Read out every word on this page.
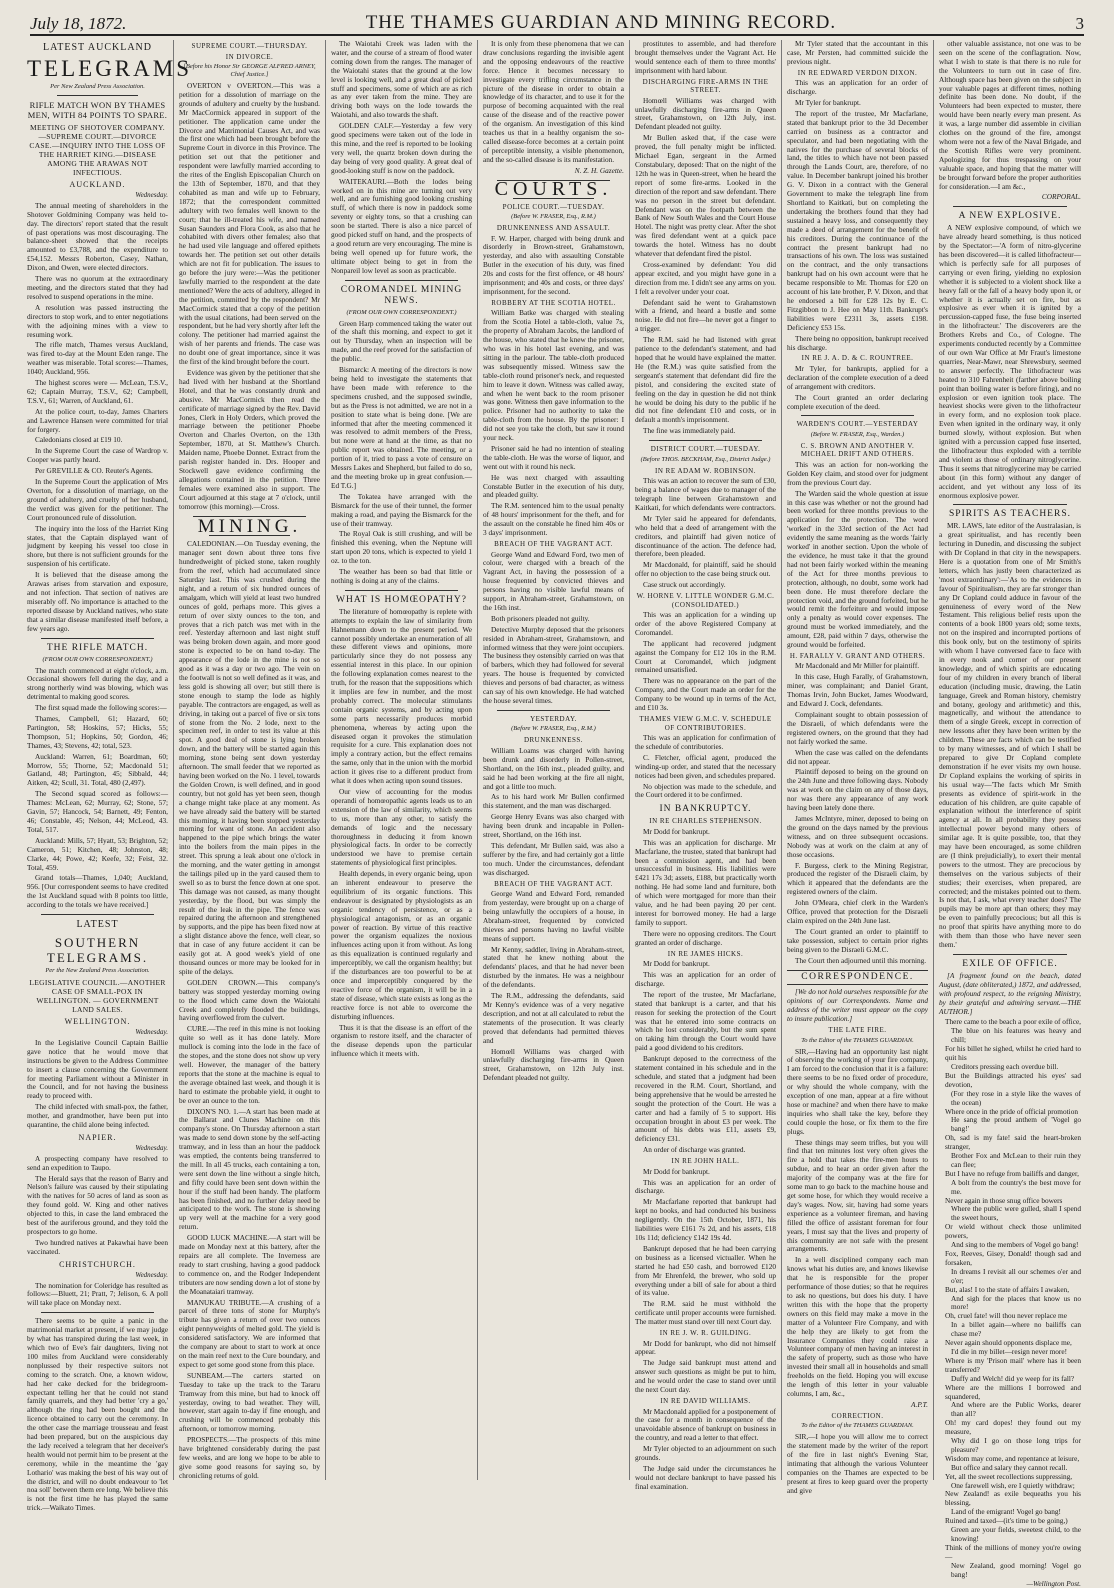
July 18, 1872.	THE THAMES GUARDIAN AND MINING RECORD.	3
LATEST AUCKLAND
TELEGRAMS
Per New Zealand Press Association.
RIFLE MATCH WON BY THAMES MEN, WITH 84 POINTS TO SPARE.
MEETING OF SHOTOVER COMPANY. —SUPREME COURT.—DIVORCE CASE.—INQUIRY INTO THE LOSS OF THE HARRIET KING.—DISEASE AMONG THE ARAWAS NOT INFECTIOUS.
AUCKLAND.

Wednesday.

The annual meeting of shareholders in the Shotover Goldmining Company was held to-day. The directors' report stated that the result of past operations was most discouraging. The balance-sheet showed that the receipts amounted to £3,788, and the expenditure to £54,152. Messrs Roberton, Casey, Nathan, Dixon, and Owen, were elected directors.

There was no quorum at the extraordinary meeting, and the directors stated that they had resolved to suspend operations in the mine.

A resolution was passed instructing the directors to stop work, and to enter negotiations with the adjoining mines with a view to resuming work.

The rifle match, Thames versus Auckland, was fired to-day at the Mount Eden range. The weather was miserable. Total scores:—Thames, 1040; Auckland, 956.

The highest scores were — McLean, T.S.V., 62; Captain Murray, T.S.V., 62; Campbell, T.S.V., 61; Warren, of Auckland, 61.

At the police court, to-day, James Charters and Lawrence Hansen were committed for trial for forgery.

Caledonians closed at £19 10.

In the Supreme Court the case of Wardrop v. Cooper was partly heard.

Per GREVILLE & CO. Reuter's Agents.

In the Supreme Court the application of Mrs Overton, for a dissolution of marriage, on the ground of adultery, and cruelty of her husband, the verdict was given for the petitioner. The Court pronounced rule of dissolution.

The inquiry into the loss of the Harriet King states, that the Captain displayed want of judgment by keeping his vessel too close in shore, but there is not sufficient grounds for the suspension of his certificate.

It is believed that the disease among the Arawas arises from starvation and exposure, and not infection. That section of natives are miserably off. No importance is attached to the reported disease by Auckland natives, who state that a similar disease manifested itself before, a few years ago.

THE RIFLE MATCH.
(FROM OUR OWN CORRESPONDENT.)

The match commenced at eight o'clock, a.m. Occasional showers fell during the day, and a strong northerly wind was blowing, which was detrimental to making good scores.

The first squad made the following scores:—

Thames, Campbell, 61; Hazard, 60; Partington, 58; Hoskins, 57; Hicks, 55; Thompson, 51; Hopkins, 50; Gordon, 46; Thames, 43; Stevens, 42; total, 523.

Auckland: Warren, 61; Boardman, 60; Morrow, 55; Thorne, 52; Macdonald 51; Gatland, 48; Partington, 45; Sibbald, 44; Aitken, 42; Scull, 31. Total, 480 (2,497).

The Second squad scored as follows:— Thames: McLean, 62; Murray, 62; Stone, 57; Gavin, 57; Hancock, 54; Barnett, 49; Fenton, 46; Constable, 45; Nelson, 44; McLeod, 43. Total, 517.

Auckland: Mills, 57; Hyatt, 53; Brighton, 52; Cameron, 51; Kitchen, 48; Johnston, 48; Clarke, 44; Powe, 42; Keefe, 32; Feist, 32. Total, 459.

Grand totals—Thames, 1,040; Auckland, 956. [Our correspondent seems to have credited the 1st Auckland squad with 8 points too little, according to the totals we have received.]

LATEST
SOUTHERN TELEGRAMS.
Per the New Zealand Press Association.
LEGISLATIVE COUNCIL.—ANOTHER CASE OF SMALL-POX IN WELLINGTON. — GOVERNMENT LAND SALES.
WELLINGTON.

Wednesday.

In the Legislative Council Captain Baillie gave notice that he would move that instructions be given to the Address Committee to insert a clause concerning the Government for meeting Parliament without a Minister in the Council, and for not having the business ready to proceed with.

The child infected with small-pox, the father, mother, and grandmother, have been put into quarantine, the child alone being infected.

NAPIER.

Wednesday.

A prospecting company have resolved to send an expedition to Taupo.

The Herald says that the reason of Barry and Nelson's failure was caused by their stipulating with the natives for 50 acres of land as soon as they found gold. W. King and other natives objected to this, in case the land embraced the best of the auriferous ground, and they told the prospectors to go home.

Two hundred natives at Pakawhai have been vaccinated.

CHRISTCHURCH.

Wednesday.

The nomination for Coleridge has resulted as follows:—Bluett, 21; Pratt, 7; Jelison, 6. A poll will take place on Monday next.

There seems to be quite a panic in the matrimonial market at present, if we may judge by what has transpired during the last week, in which two of Eve's fair daughters, living not 100 miles from Auckland were considerably nonplussed by their respective suitors not coming to the scratch. One, a known widow, had her cake decked for the bridegroom-expectant telling her that he could not stand family quarrels, and they had better 'cry a go,' although the ring had been bought and the licence obtained to carry out the ceremony. In the other case the marriage trousseau and feast had been prepared, but on the auspicious day the lady received a telegram that her deceiver's health would not permit him to be present at the ceremony, while in the meantime the 'gay Lothario' was making the best of his way out of the district, and will no doubt endeavour to 'let noa soll' between them ere long. We believe this is not the first time he has played the same trick.—Waikato Times.

SUPREME COURT.—THURSDAY.
IN DIVORCE.
[Before his Honor Sir GEORGE ALFRED ARNEY, Chief Justice.]

OVERTON v OVERTON.—This was a petition for a dissolution of marriage on the grounds of adultery and cruelty by the husband. Mr MacCormick appeared in support of the petitioner. The application came under the Divorce and Matrimonial Causes Act, and was the first one which had been brought before the Supreme Court in divorce in this Province. The petition set out that the petitioner and respondent were lawfully married according to the rites of the English Episcopalian Church on the 13th of September, 1870, and that they cohabited as man and wife up to February, 1872; that the correspondent committed adultery with two females well known to the court; that he ill-treated his wife, and named Susan Saunders and Flora Cook, as also that he cohabited with divers other females; also that he had used vile language and offered epithets towards her. The petition set out other details which are not fit for publication. The issues to go before the jury were:—Was the petitioner lawfully married to the respondent at the date mentioned? Were the acts of adultery, alleged in the petition, committed by the respondent? Mr MacCormick stated that a copy of the petition with the usual citations, had been served on the respondent, but he had very shortly after left the colony. The petitioner had married against the wish of her parents and friends. The case was no doubt one of great importance, since it was the first of the kind brought before the court.

Evidence was given by the petitioner that she had lived with her husband at the Shortland Hotel, and that he was constantly drunk and abusive. Mr MacCormick then read the certificate of marriage signed by the Rev. David Jones, Clerk in Holy Orders, which proved the marriage between the petitioner Phoebe Overton and Charles Overton, on the 13th September, 1870, at St. Matthew's Church. Maiden name, Phoebe Donnet. Extract from the parish register handed in. Drs. Hooper and Stockwell gave evidence confirming the allegations contained in the petition. Three females were examined also in support. The Court adjourned at this stage at 7 o'clock, until tomorrow (this morning).—Cross.

MINING.

CALEDONIAN.—On Tuesday evening, the manager sent down about three tons five hundredweight of picked stone, taken roughly from the reef, which had accumulated since Saturday last. This was crushed during the night, and a return of six hundred ounces of amalgam, which will yield at least two hundred ounces of gold, perhaps more. This gives a return of over sixty ounces to the ton, and proves that a rich patch was met with in the reef. Yesterday afternoon and last night stuff was being broken down again, and more good stone is expected to be on hand to-day. The appearance of the lode in the mine is not so good as it was a day or two ago. The vein on the footwall is not so well defined as it was, and less gold is showing all over; but still there is stone enough to stamp the lode as highly payable. The contractors are engaged, as well as driving, in taking out a parcel of five or six tons of stone from the No. 2 lode, next to the specimen reef, in order to test its value at this spot. A good deal of stone is lying broken down, and the battery will be started again this morning, stone being sent down yesterday afternoon. The small feeder that we reported as having been worked on the No. 1 level, towards the Golden Crown, is well defined, and in good country, but not gold has yet been seen, though a change might take place at any moment. As we have already said the battery will be started this morning, it having been stopped yesterday morning for want of stone. An accident also happened to the pipe which brings the water into the boilers from the main pipes in the street. This sprung a leak about one o'clock in the morning, and the water getting in amongst the tailings piled up in the yard caused them to swell so as to burst the fence down at one spot. This damage was not caused, as many thought yesterday, by the flood, but was simply the result of the leak in the pipe. The fence was repaired during the afternoon and strengthened by supports, and the pipe has been fixed now at a slight distance above the fence, well clear, so that in case of any future accident it can be easily got at. A good week's yield of one thousand ounces or more may be looked for in spite of the delays.

GOLDEN CROWN.—This company's battery was stopped yesterday morning owing to the flood which came down the Waiotahi Creek and completely flooded the buildings, having overflowed from the culvert.

CURE.—The reef in this mine is not looking quite so well as it has done lately. More mullock is coming into the lode in the face of the stopes, and the stone does not show up very well. However, the manager of the battery reports that the stone at the machine is equal to the average obtained last week, and though it is hard to estimate the probable yield, it ought to be over an ounce to the ton.

DIXON'S NO. 1.—A start has been made at the Ballarat and Clunes Machine on this company's stone. On Thursday afternoon a start was made to send down stone by the self-acting tramway, and in less than an hour the paddock was emptied, the contents being transferred to the mill. In all 45 trucks, each containing a ton, were sent down the line without a single hitch, and fifty could have been sent down within the hour if the stuff had been handy. The platform has been finished, and no further delay need be anticipated to the work. The stone is showing up very well at the machine for a very good return.

GOOD LUCK MACHINE.—A start will be made on Monday next at this battery, after the repairs are all complete. The Inverness are ready to start crushing, having a good paddock to commence on, and the Rodger Independent tributers are now sending down a lot of stone by the Moanataiari tramway.

MANUKAU TRIBUTE.—A crushing of a parcel of three tons of stone for Murphy's tribute has given a return of over two ounces eight pennyweights of melted gold. The yield is considered satisfactory. We are informed that the company are about to start to work at once on the main reef next to the Cure boundary, and expect to get some good stone from this place.

SUNBEAM.—The carters started on Tuesday to take up the track to the Tararu Tramway from this mine, but had to knock off yesterday, owing to bad weather. They will, however, start again to-day if fine enough, and crushing will be commenced probably this afternoon, or tomorrow morning.

PROSPECTS.—The prospects of this mine have brightened considerably during the past few weeks, and are long we hope to be able to give some good reasons for saying so, by chronicling returns of gold.

The Waiotahi Creek was laden with the water, and the course of a stream of flood water coming down from the ranges. The manager of the Waiotahi states that the ground at the low level is looking well, and a great deal of picked stuff and specimens, some of which are as rich as any ever taken from the mine. They are driving both ways on the lode towards the Waiotahi, and also towards the shaft.

GOLDEN CALF.—Yesterday a few very good specimens were taken out of the lode in this mine, and the reef is reported to be looking very well, the quartz broken down during the day being of very good quality. A great deal of good-looking stuff is now on the paddock.

WAITEKAURI.—Both the lodes being worked on in this mine are turning out very well, and are furnishing good looking crushing stuff, of which there is now in paddock some seventy or eighty tons, so that a crushing can soon be started. There is also a nice parcel of good picked stuff on hand, and the prospects of a good return are very encouraging. The mine is being well opened up for future work, the ultimate object being to get in from the Nonpareil low level as soon as practicable.

COROMANDEL MINING NEWS.
(FROM OUR OWN CORRESPONDENT.)

Green Harp commenced taking the water out of the shaft this morning, and expect to get it out by Thursday, when an inspection will be made, and the reef proved for the satisfaction of the public.

Bismarck: A meeting of the directors is now being held to investigate the statements that have been made with reference to the specimens crushed, and the supposed swindle, but as the Press is not admitted, we are not in a position to state what is being done. [We are informed that after the meeting commenced it was resolved to admit members of the Press, but none were at hand at the time, as that no public report was obtained. The meeting, or a portion of it, tried to pass a vote of censure on Messrs Lakes and Shepherd, but failed to do so, and the meeting broke up in great confusion.—Ed T.G.]

The Tokatea have arranged with the Bismarck for the use of their tunnel, the former making a road, and paying the Bismarck for the use of their tramway.

The Royal Oak is still crushing, and will be finished this evening, when the Neptune will start upon 20 tons, which is expected to yield 1 oz. to the ton.

The weather has been so bad that little or nothing is doing at any of the claims.

WHAT IS HOMŒOPATHY?

The literature of homœopathy is replete with attempts to explain the law of similarity from Hahnemann down to the present period. We cannot possibly undertake an enumeration of all these different views and opinions, more particularly since they do not possess any essential interest in this place. In our opinion the following explanation comes nearest to the truth, for the reason that the suppositions which it implies are few in number, and the most probably correct. The molecular stimulants contain organic systems, and by acting upon some parts necessarily produces morbid phenomena, whereas by acting upon the diseased organ it provokes the stimulation requisite for a cure. This explanation does not imply a contrary action, but the effect remains the same, only that in the union with the morbid action it gives rise to a different product from what it does when acting upon sound tissues.

Our view of accounting for the modus operandi of homœopathic agents leads us to an extension of the law of similarity, which seems to us, more than any other, to satisfy the demands of logic and the necessary thoroughness in deducing it from known physiological facts. In order to be correctly understood we have to premise certain statements of physiological first principles.

Health depends, in every organic being, upon an inherent endeavour to preserve the equilibrium of its organic functions. This endeavour is designated by physiologists as an organic tendency of persistence, or as a physiological antagonism, or as an organic power of reaction. By virtue of this reactive power the organism equalizes the noxious influences acting upon it from without. As long as this equalization is continued regularly and imperceptibly, we call the organism healthy; but if the disturbances are too powerful to be at once and imperceptibly conquered by the reactive force of the organism, it will be in a state of disease, which state exists as long as the reactive force is not able to overcome the disturbing influences.

Thus it is that the disease is an effort of the organism to restore itself, and the character of the disease depends upon the particular influence which it meets with.

It is only from these phenomena that we can draw conclusions regarding the invisible agent and the opposing endeavours of the reactive force. Hence it becomes necessary to investigate every trifling circumstance in the picture of the disease in order to obtain a knowledge of its character, and to use it for the purpose of becoming acquainted with the real cause of the disease and of the reactive power of the organism. An investigation of this kind teaches us that in a healthy organism the so-called disease-force becomes at a certain point of perceptible intensity, a visible phenomenon, and the so-called disease is its manifestation.

N. Z. H. Gazette.

COURTS.
POLICE COURT.—TUESDAY.
(Before W. FRASER, Esq., R.M.)
DRUNKENNESS AND ASSAULT.

F. W. Harper, charged with being drunk and disorderly in Brown-street, Grahamstown, yesterday, and also with assaulting Constable Butler in the execution of his duty, was fined 20s and costs for the first offence, or 48 hours' imprisonment; and 40s and costs, or three days' imprisonment, for the second.

ROBBERY AT THE SCOTIA HOTEL.

William Batke was charged with stealing from the Scotia Hotel a table-cloth, value 7s, the property of Abraham Jacobs, the landlord of the house, who stated that he knew the prisoner, who was in his hotel last evening, and was sitting in the parlour. The table-cloth produced was subsequently missed. Witness saw the table-cloth round prisoner's neck, and requested him to leave it down. Witness was called away, and when he went back to the room prisoner was gone. Witness then gave information to the police. Prisoner had no authority to take the table-cloth from the house. By the prisoner: I did not see you take the cloth, but saw it round your neck.

Prisoner said he had no intention of stealing the table-cloth. He was the worse of liquor, and went out with it round his neck.

He was next charged with assaulting Constable Butler in the execution of his duty, and pleaded guilty.

The R.M. sentenced him to the usual penalty of 48 hours' imprisonment for the theft, and for the assault on the constable he fined him 40s or 3 days' imprisonment.

BREACH OF THE VAGRANT ACT.

George Wand and Edward Ford, two men of colour, were charged with a breach of the Vagrant Act, in having the possession of a house frequented by convicted thieves and persons having no visible lawful means of support, in Abraham-street, Grahamstown, on the 16th inst.

Both prisoners pleaded not guilty.

Detective Murphy deposed that the prisoners resided in Abraham-street, Grahamstown, and informed witness that they were joint occupiers. The business they ostensibly carried on was that of barbers, which they had followed for several years. The house is frequented by convicted thieves and persons of bad character, as witness can say of his own knowledge. He had watched the house several times.

YESTERDAY.
(Before W. FRASER, Esq., R.M.)
DRUNKENNESS.

William Loams was charged with having been drunk and disorderly in Pollen-street, Shortland, on the 16th inst., pleaded guilty, and said he had been working at the fire all night, and got a little too much.

As to his hard work Mr Bullen confirmed this statement, and the man was discharged.

George Henry Evans was also charged with having been drunk and incapable in Pollen-street, Shortland, on the 16th inst.

This defendant, Mr Bullen said, was also a sufferer by the fire, and had certainly got a little too much. Under the circumstances, defendant was discharged.

BREACH OF THE VAGRANT ACT.

George Wand and Edward Ford, remanded from yesterday, were brought up on a charge of being unlawfully the occupiers of a house, in Abraham-street, frequented by convicted thieves and persons having no lawful visible means of support.

Mr Kenny, saddler, living in Abraham-street, stated that he knew nothing about the defendants' places, and that he had never been disturbed by the inmates. He was a neighbour of the defendants.

The R.M., addressing the defendants, said Mr Kenny's evidence was of a very negative description, and not at all calculated to rebut the statements of the prosecution. It was clearly proved that defendants had permitted thieves and

Homœll Williams was charged with unlawfully discharging fire-arms in Queen street, Grahamstown, on 12th July inst. Defendant pleaded not guilty.

prostitutes to assemble, and had therefore brought themselves under the Vagrant Act. He would sentence each of them to three months' imprisonment with hard labour.

DISCHARGING FIRE-ARMS IN THE STREET.

Homœll Williams was charged with unlawfully discharging fire-arms in Queen street, Grahamstown, on 12th July, inst. Defendant pleaded not guilty.

Mr Bullen asked that, if the case were proved, the full penalty might be inflicted. Michael Egan, sergeant in the Armed Constabulary, deposed: That on the night of the 12th he was in Queen-street, when he heard the report of some fire-arms. Looked in the direction of the report and saw defendant. There was no person in the street but defendant. Defendant was on the footpath between the Bank of New South Wales and the Court House Hotel. The night was pretty clear. After the shot was fired defendant went at a quick pace towards the hotel. Witness has no doubt whatever that defendant fired the pistol.

Cross-examined by defendant: You did appear excited, and you might have gone in a direction from me. I didn't see any arms on you. I felt a revolver under your coat.

Defendant said he went to Grahamstown with a friend, and heard a bustle and some noise. He did not fire—he never got a finger to a trigger.

The R.M. said he had listened with great patience to the defendant's statement, and had hoped that he would have explained the matter. He (the R.M.) was quite satisfied from the sergeant's statement that defendant did fire the pistol, and considering the excited state of feeling on the day in question he did not think he would be doing his duty to the public if he did not fine defendant £10 and costs, or in default a month's imprisonment.

The fine was immediately paid.

DISTRICT COURT.—TUESDAY.
(Before THOS. BECKHAM, Esq., District Judge.)
IN RE ADAM W. ROBINSON.

This was an action to recover the sum of £30, being a balance of wages due to manager of the telegraph line between Grahamstown and Kaitkati, for which defendants were contractors.

Mr Tyler said he appeared for defendants, who held that a deed of arrangement with the creditors, and plaintiff had given notice of discontinuance of the action. The defence had, therefore, been pleaded.

Mr Macdonald, for plaintiff, said he should offer no objection to the case being struck out.

Case struck out accordingly.

W. HORNE V. LITTLE WONDER G.M.C. (CONSOLIDATED.)

This was an application for a winding up order of the above Registered Company at Coromandel.

The applicant had recovered judgment against the Company for £12 10s in the R.M. Court at Coromandel, which judgment remained unsatisfied.

There was no appearance on the part of the Company, and the Court made an order for the Company to be wound up in terms of the Act, and £10 3s.

THAMES VIEW G.M.C. V. SCHEDULE OF CONTRIBUTORIES.

This was an application for confirmation of the schedule of contributories.

C. Fletcher, official agent, produced the winding-up order, and stated that the necessary notices had been given, and schedules prepared.

No objection was made to the schedule, and the Court ordered it to be confirmed.

IN BANKRUPTCY.
IN RE CHARLES STEPHENSON.

Mr Dodd for bankrupt.

This was an application for discharge. Mr Macfarlane, the trustee, stated that bankrupt had been a commission agent, and had been unsuccessful in business. His liabilities were £421 17s 3d; assets, £188, but practically worth nothing. He had some land and furniture, both of which were mortgaged for more than their value, and he had been paying 20 per cent. interest for borrowed money. He had a large family to support.

There were no opposing creditors. The Court granted an order of discharge.

IN RE JAMES HICKS.

Mr Dodd for bankrupt.

This was an application for an order of discharge.

The report of the trustee, Mr Macfarlane, stated that bankrupt is a carter, and that his reason for seeking the protection of the Court was that he entered into some contracts on which he lost considerably, but the sum spent on taking him through the Court would have paid a good dividend to his creditors.

Bankrupt deposed to the correctness of the statement contained in his schedule and in the schedule, and stated that a judgment had been recovered in the R.M. Court, Shortland, and being apprehensive that he would be arrested he sought the protection of the Court. He was a carter and had a family of 5 to support. His occupation brought in about £3 per week. The amount of his debts was £11, assets £9, deficiency £31.

An order of discharge was granted.

IN RE JOHN HALL.

Mr Dodd for bankrupt.

This was an application for an order of discharge.

Mr Macfarlane reported that bankrupt had kept no books, and had conducted his business negligently. On the 15th October, 1871, his liabilities were £161 7s 2d, and his assets, £18 10s 11d; deficiency £142 19s 4d.

Bankrupt deposed that he had been carrying on business as a licensed victualler. When he started he had £50 cash, and borrowed £120 from Mr Ehrenfeld, the brewer, who sold up everything under a bill of sale for about a third of its value.

The R.M. said he must withhold the certificate until proper accounts were furnished. The matter must stand over till next Court day.

IN RE J. W. R. GUILDING.

Mr Dodd for bankrupt, who did not himself appear.

The Judge said bankrupt must attend and answer such questions as might be put to him, and he would order the case to stand over until the next Court day.

IN RE DAVID WILLIAMS.

Mr Macdonald applied for a postponement of the case for a month in consequence of the unavoidable absence of bankrupt on business in the country, and read a letter to that effect.

Mr Tyler objected to an adjournment on such grounds.

The Judge said under the circumstances he would not declare bankrupt to have passed his final examination.

Mr Tyler stated that the accountant in this case, Mr Persten, had committed suicide the previous night.

IN RE EDWARD VERDON DIXON.

This was an application for an order of discharge.

Mr Tyler for bankrupt.

The report of the trustee, Mr Macfarlane, stated that bankrupt prior to the 3d December carried on business as a contractor and speculator, and had been negotiating with the natives for the purchase of several blocks of land, the titles to which have not been passed through the Lands Court, are, therefore, of no value. In December bankrupt joined his brother G. V. Dixon in a contract with the General Government to make the telegraph line from Shortland to Kaitkati, but on completing the undertaking the brothers found that they had sustained a heavy loss, and consequently they made a deed of arrangement for the benefit of his creditors. During the continuance of the contract the present bankrupt had no transactions of his own. The loss was sustained on the contract, and the only transactions bankrupt had on his own account were that he became responsible to Mr. Thomas for £20 on account of his late brother, P. V. Dixon, and that he endorsed a bill for £28 12s by E. C. Fitzgibbon to J. Hee on May 11th. Bankrupt's liabilities were £2311 3s, assets £198. Deficiency £53 15s.

There being no opposition, bankrupt received his discharge.

IN RE J. A. D. & C. ROUNTREE.

Mr Tyler, for bankrupts, applied for a declaration of the complete execution of a deed of arrangement with creditors.

The Court granted an order declaring complete execution of the deed.

WARDEN'S COURT.—YESTERDAY
(Before W. FRASER, Esq., Warden.)
C. S. BROWN AND ANOTHER V. MICHAEL DRIFT AND OTHERS.

This was an action for non-working the Golden Key claim, and stood over for judgment from the previous Court day.

The Warden said the whole question at issue in this case was whether or not the ground had been worked for three months previous to the application for the protection. The word 'worked' in the 33rd section of the Act had evidently the same meaning as the words 'fairly worked' in another section. Upon the whole of the evidence, he must take it that the ground had not been fairly worked within the meaning of the Act for three months previous to protection, although, no doubt, some work had been done. He must therefore declare the protection void, and the ground forfeited, but he would remit the forfeiture and would impose only a penalty as would cover expenses. The ground must be worked immediately, and the amount, £28, paid within 7 days, otherwise the ground would be forfeited.

H. FARALLY V. GRANT AND OTHERS.

Mr Macdonald and Mr Miller for plaintiff.

In this case, Hugh Farally, of Grahamstown, miner, was complainant; and Daniel Grant, Thomas Irvin, John Bucket, James Woodward, and Edward J. Cock, defendants.

Complainant sought to obtain possession of the Disraeli, of which defendants were the registered owners, on the ground that they had not fairly worked the same.

When the case was called on the defendants did not appear.

Plaintiff deposed to being on the ground on the 24th June and three following days. Nobody was at work on the claim on any of those days, nor was there any appearance of any work having been lately done there.

James McIntyre, miner, deposed to being on the ground on the days named by the previous witness, and on three subsequent occasions. Nobody was at work on the claim at any of those occasions.

F. Burgess, clerk to the Mining Registrar, produced the register of the Disraeli claim, by which it appeared that the defendants are the registered owners of the claim.

John O'Meara, chief clerk in the Warden's Office, proved that protection for the Disraeli claim expired on the 24th June last.

The Court granted an order to plaintiff to take possession, subject to certain prior rights being given to the Disraeli G.M.C.

The Court then adjourned until this morning.

CORRESPONDENCE.

[We do not hold ourselves responsible for the opinions of our Correspondents. Name and address of the writer must appear on the copy to insure publication.]

THE LATE FIRE.
To the Editor of the THAMES GUARDIAN.

SIR,—Having had an opportunity last night of observing the working of your fire company, I am forced to the conclusion that it is a failure: there seems to be no fixed order of procedure, or why should the whole company, with the exception of one man, appear at a fire without hose or machine? and when there have to make inquiries who shall take the key, before they could couple the hose, or fix them to the fire plugs.

These things may seem trifles, but you will find that ten minutes lost very often gives the fire a hold that takes the fire-men hours to subdue, and to hear an order given after the majority of the company was at the fire for some man to go back to the machine house and get some hose, for which they would receive a day's wages. Now, sir, having had some years experience as a volunteer fireman, and having filled the office of assistant foreman for four years, I must say that the lives and property of this community are not safe with the present arrangements.

In a well disciplined company each man knows what his duties are, and knows likewise that he is responsible for the proper performance of those duties; so that he requires to ask no questions, but does his duty. I have written this with the hope that the property owners on this field may make a move in the matter of a Volunteer Fire Company, and with the help they are likely to get from the Insurance Companies they could raise a Volunteer company of men having an interest in the safety of property, such as those who have invested their small all in households and small freeholds on the field. Hoping you will excuse the length of this letter in your valuable columns, I am, &c.,

A.P.T.

CORRECTION.
To the Editor of the THAMES GUARDIAN.

SIR,—I hope you will allow me to correct the statement made by the writer of the report of the fire in last night's Evening Star, intimating that although the various Volunteer companies on the Thames are expected to be present at fires to keep guard over the property and give

other valuable assistance, not one was to be seen on the scene of the conflagration. Now, what I wish to state is that there is no rule for the Volunteers to turn out in case of fire. Although space has been given on the subject in your valuable pages at different times, nothing definite has been done. No doubt, if the Volunteers had been expected to muster, there would have been nearly every man present. As it was, a large number did assemble in civilian clothes on the ground of the fire, amongst whom were not a few of the Naval Brigade, and the Scottish Rifles were very prominent. Apologizing for thus trespassing on your valuable space, and hoping that the matter will be brought forward before the proper authorities for consideration.—I am &c.,

CORPORAL.

A NEW EXPLOSIVE.

A NEW explosive compound, of which we have already heard something, is thus noticed by the Spectator:—'A form of nitro-glycerine has been discovered—it is called lithofracteur—which is perfectly safe for all purposes of carrying or even firing, yielding no explosion whether it is subjected to a violent shock like a heavy fall or the fall of a heavy body upon it, or whether it is actually set on fire, but as explosive as ever when it is ignited by a percussion-capped fuse, the fuse being inserted in the lithofracteur.' The discoverers are the Brothers Krebs and Co., of Cologne. The experiments conducted recently by a Committee of our own War Office at Mr Fraut's limestone quarries, Near-Mawr, near Shrewsbury, seemed to answer perfectly. The lithofracteur was heated to 310 Fahrenheit (farther above boiling point than boiling water is before firing), and no explosion or even ignition took place. The heaviest shocks were given to the lithofracteur in every form, and no explosion took place. Even when ignited in the ordinary way, it only burned slowly, without explosion. But when ignited with a percussion capped fuse inserted, the lithofracteur thus exploded with a terrible and violent as those of ordinary nitroglycerine. Thus it seems that nitroglycerine may be carried about (in this form) without any danger of accident, and yet without any loss of its enormous explosive power.

SPIRITS AS TEACHERS.

MR. LAWS, late editor of the Australasian, is a great spiritualist, and has recently been lecturing in Dunedin, and discussing the subject with Dr Copland in that city in the newspapers. Here is a quotation from one of Mr Smith's letters, which has justly been characterized as 'most extraordinary':—'As to the evidences in favour of Spiritualism, they are far stronger than any Dr Copland could adduce in favour of the genuineness of every word of the New Testament. This religious belief rests upon the contents of a book 1800 years old; some texts, not on the inspired and incorrupted portions of this book only, but on the testimony of spirits with whom I have conversed face to face with in every nook and corner of our present knowledge, and of which spirits are educating four of my children in every branch of liberal education (including music, drawing, the Latin language, Greek and Roman history, chemistry and botany, geology and arithmetic) and this, magnetically, and without the attendance to them of a single Greek, except in correction of new lessons after they have been written by the children. These are facts which can be testified to by many witnesses, and of which I shall be prepared to give Dr Copland complete demonstration if he ever visits my own house. Dr Copland explains the working of spirits in his usual way—'The facts which Mr Smith presents as evidence of spirit-work in the education of his children, are quite capable of explanation without the interference of spirit agency at all. In all probability they possess intellectual power beyond many others of similar age. It is quite possible, too, that they may have been encouraged, as some children are (I think prejudicially), to exert their mental powers to the utmost. They are precocious by themselves on the various subjects of their studies; their exercises, when prepared, are corrected; and the mistakes pointed out to them. Is not that, I ask, what every teacher does? The pupils may be more apt than others; they may be even to painfully precocious; but all this is no proof that spirits have anything more to do with them than those who have never seen them.'

EXILE OF OFFICE.

[A fragment found on the beach, dated August, (date obliterated,) 1872, and addressed, with profound respect, to the reigning Ministry, by their grateful and admiring servant.—THE AUTHOR.]

There came to the beach a poor exile of office,

The blue on his features was heavy and chill;

For his billet he sighed, whilst he cried hard to quit his

Creditors pressing each overdue bill.

But the Buildings attracted his eyes' sad devotion,

(For they rose in a style like the waves of the ocean)

Where once in the pride of official promotion

He sang the proud anthem of 'Vogel go bang!'

Oh, sad is my fate! said the heart-broken stranger,

Brother Fox and McLean to their ruin they can flee;

But I have no refuge from bailiffs and danger,

A bolt from the country's the best move for me.

Never again in those snug office bowers

Where the public were gulled, shall I spend the sweet hours,

Or wield without check those unlimited powers,

And sing to the members of Vogel go bang!

Fox, Reeves, Gisey, Donald! though sad and forsaken,

In dreams I revisit all our schemes o'er and o'er;

But, alas! I to the state of affairs I awaken,

And sigh for the places that know us no more!

Oh, cruel fate! will thou never replace me

In a billet again—where no bailiffs can chase me?

Never again should opponents displace me,

I'd die in my billet—resign never more!

Where is my 'Prison mail' where has it been transferred?

Duffy and Welch! did ye weep for its fall?

Where are the millions I borrowed and squandered,

And where are the Public Works, dearer than all?

Oh! my card dopes! they found out my measure,

Why did I go on those long trips for pleasure?

Wisdom may come, and repentance at leisure,

But office and salary they cannot recall.

Yet, all the sweet recollections suppressing,

One farewell wish, ere I quietly withdraw;

New Zealand! as exile bequeaths you his blessing,

Land of the emigrant! Vogel go bang!

Ruined and taxed—(it's time to be going,)

Green are your fields, sweetest child, to the knowing!

Think of the millions of money you're owing—

New Zealand, good morning! Vogel go bang!

—Wellington Post.
